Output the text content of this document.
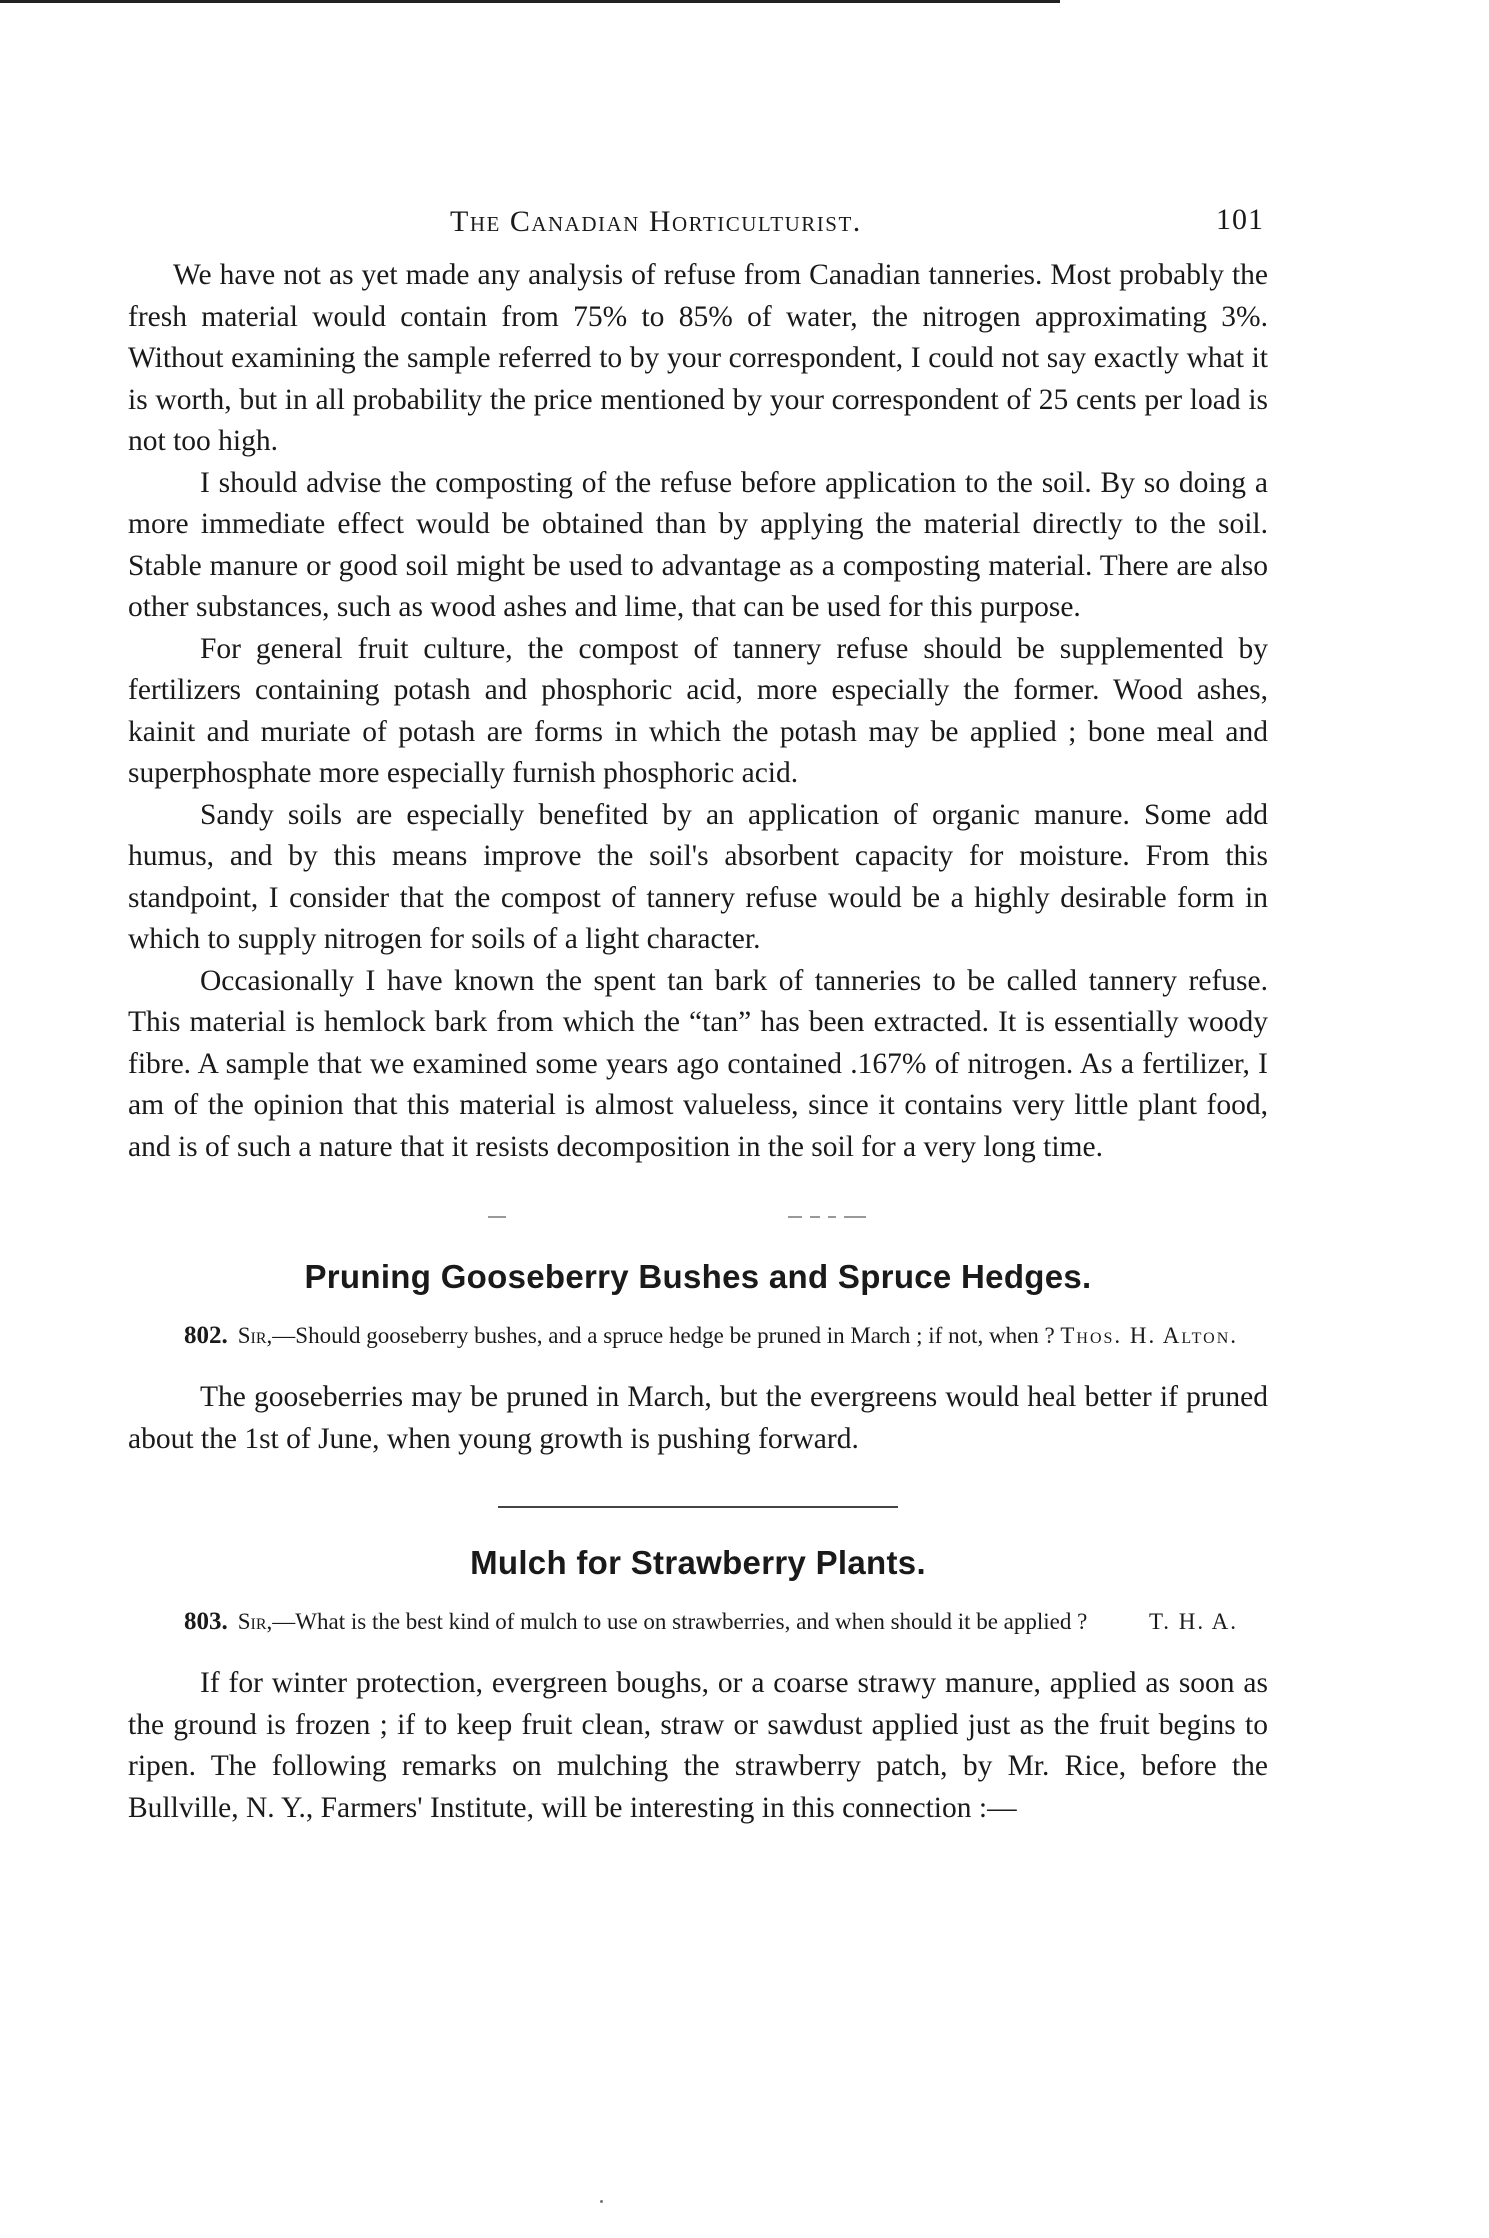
The Canadian Horticulturist.	101

We have not as yet made any analysis of refuse from Canadian tanneries. Most probably the fresh material would contain from 75% to 85% of water, the nitrogen approximating 3%. Without examining the sample referred to by your correspondent, I could not say exactly what it is worth, but in all probability the price mentioned by your correspondent of 25 cents per load is not too high.

I should advise the composting of the refuse before application to the soil. By so doing a more immediate effect would be obtained than by applying the material directly to the soil. Stable manure or good soil might be used to advantage as a composting material. There are also other substances, such as wood ashes and lime, that can be used for this purpose.

For general fruit culture, the compost of tannery refuse should be supplemented by fertilizers containing potash and phosphoric acid, more especially the former. Wood ashes, kainit and muriate of potash are forms in which the potash may be applied ; bone meal and superphosphate more especially furnish phosphoric acid.

Sandy soils are especially benefited by an application of organic manure. Some add humus, and by this means improve the soil's absorbent capacity for moisture. From this standpoint, I consider that the compost of tannery refuse would be a highly desirable form in which to supply nitrogen for soils of a light character.

Occasionally I have known the spent tan bark of tanneries to be called tannery refuse. This material is hemlock bark from which the “tan” has been extracted. It is essentially woody fibre. A sample that we examined some years ago contained .167% of nitrogen. As a fertilizer, I am of the opinion that this material is almost valueless, since it contains very little plant food, and is of such a nature that it resists decomposition in the soil for a very long time.

Pruning Gooseberry Bushes and Spruce Hedges.
802. Sir,—Should gooseberry bushes, and a spruce hedge be pruned in March ; if not, when ? Thos. H. Alton.

The gooseberries may be pruned in March, but the evergreens would heal better if pruned about the 1st of June, when young growth is pushing forward.

Mulch for Strawberry Plants.
803. Sir,—What is the best kind of mulch to use on strawberries, and when should it be applied ?	T. H. A.

If for winter protection, evergreen boughs, or a coarse strawy manure, applied as soon as the ground is frozen ; if to keep fruit clean, straw or sawdust applied just as the fruit begins to ripen. The following remarks on mulching the strawberry patch, by Mr. Rice, before the Bullville, N. Y., Farmers' Institute, will be interesting in this connection :—
